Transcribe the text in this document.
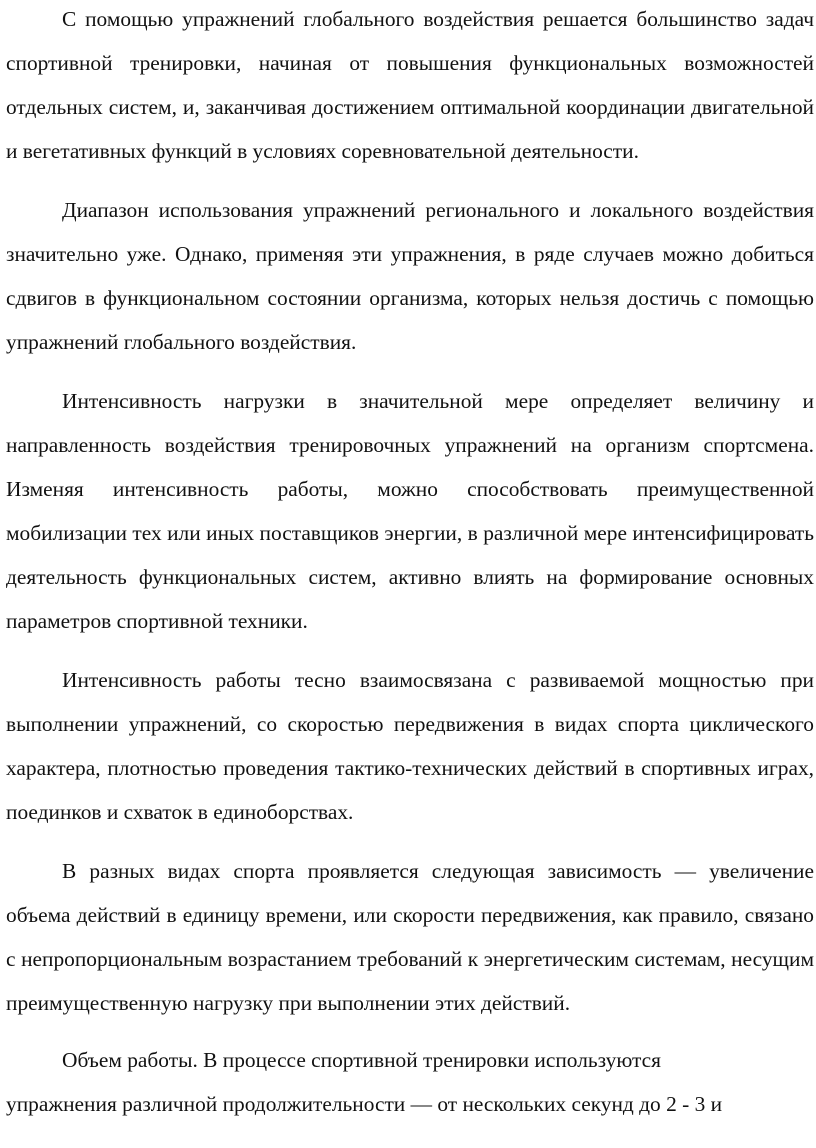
С помощью упражнений глобального воздействия решается большинство задач спортивной тренировки, начиная от повышения функциональных возможностей отдельных систем, и, заканчивая достижением оптимальной координации двигательной и вегетативных функций в условиях соревновательной деятельности.

Диапазон использования упражнений регионального и локального воздействия значительно уже. Однако, применяя эти упражнения, в ряде случаев можно добиться сдвигов в функциональном состоянии организма, которых нельзя достичь с помощью упражнений глобального воздействия.

Интенсивность нагрузки в значительной мере определяет величину и направленность воздействия тренировочных упражнений на организм спортсмена. Изменяя интенсивность работы, можно способствовать преимущественной мобилизации тех или иных поставщиков энергии, в различной мере интенсифицировать деятельность функциональных систем, активно влиять на формирование основных параметров спортивной техники.

Интенсивность работы тесно взаимосвязана с развиваемой мощностью при выполнении упражнений, со скоростью передвижения в видах спорта циклического характера, плотностью проведения тактико-технических действий в спортивных играх, поединков и схваток в единоборствах.

В разных видах спорта проявляется следующая зависимость — увеличение объема действий в единицу времени, или скорости передвижения, как правило, связано с непропорциональным возрастанием требований к энергетическим системам, несущим преимущественную нагрузку при выполнении этих действий.

Объем работы. В процессе спортивной тренировки используются
упражнения различной продолжительности — от нескольких секунд до 2 - 3 и
